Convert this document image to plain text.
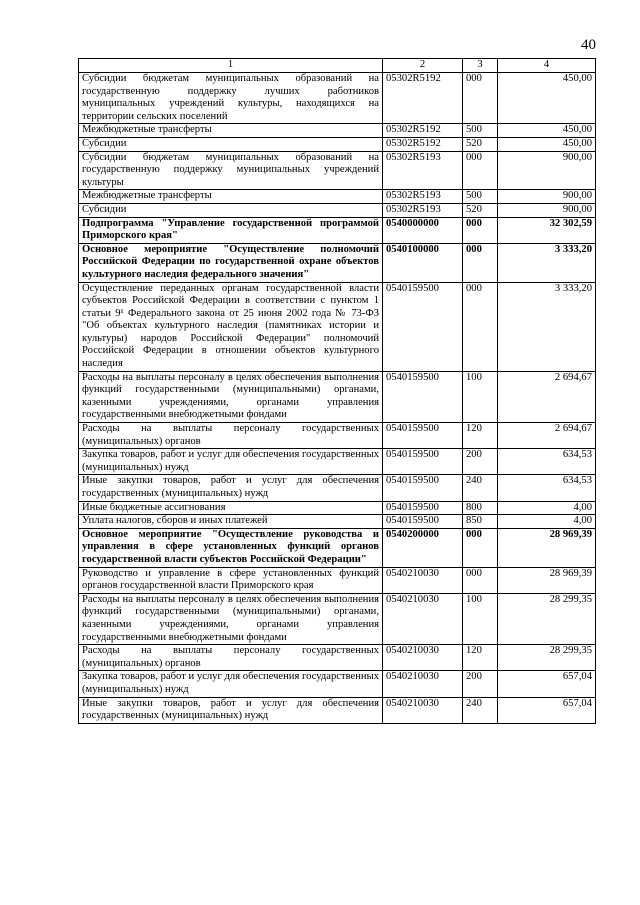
40
1	2	3	4
Субсидии бюджетам муниципальных образований на государственную поддержку лучших работников муниципальных учреждений культуры, находящихся на территории сельских поселений	05302R5192	000	450,00
Межбюджетные трансферты	05302R5192	500	450,00
Субсидии	05302R5192	520	450,00
Субсидии бюджетам муниципальных образований на государственную поддержку муниципальных учреждений культуры	05302R5193	000	900,00
Межбюджетные трансферты	05302R5193	500	900,00
Субсидии	05302R5193	520	900,00
Подпрограмма "Управление государственной программой Приморского края"	0540000000	000	32 302,59
Основное мероприятие "Осуществление полномочий Российской Федерации по государственной охране объектов культурного наследия федерального значения"	0540100000	000	3 333,20
Осуществление переданных органам государственной власти субъектов Российской Федерации в соответствии с пунктом 1 статьи 9¹ Федерального закона от 25 июня 2002 года № 73-ФЗ "Об объектах культурного наследия (памятниках истории и культуры) народов Российской Федерации" полномочий Российской Федерации в отношении объектов культурного наследия	0540159500	000	3 333,20
Расходы на выплаты персоналу в целях обеспечения выполнения функций государственными (муниципальными) органами, казенными учреждениями, органами управления государственными внебюджетными фондами	0540159500	100	2 694,67
Расходы на выплаты персоналу государственных (муниципальных) органов	0540159500	120	2 694,67
Закупка товаров, работ и услуг для обеспечения государственных (муниципальных) нужд	0540159500	200	634,53
Иные закупки товаров, работ и услуг для обеспечения государственных (муниципальных) нужд	0540159500	240	634,53
Иные бюджетные ассигнования	0540159500	800	4,00
Уплата налогов, сборов и иных платежей	0540159500	850	4,00
Основное мероприятие "Осуществление руководства и управления в сфере установленных функций органов государственной власти субъектов Российской Федерации"	0540200000	000	28 969,39
Руководство и управление в сфере установленных функций органов государственной власти Приморского края	0540210030	000	28 969,39
Расходы на выплаты персоналу в целях обеспечения выполнения функций государственными (муниципальными) органами, казенными учреждениями, органами управления государственными внебюджетными фондами	0540210030	100	28 299,35
Расходы на выплаты персоналу государственных (муниципальных) органов	0540210030	120	28 299,35
Закупка товаров, работ и услуг для обеспечения государственных (муниципальных) нужд	0540210030	200	657,04
Иные закупки товаров, работ и услуг для обеспечения государственных (муниципальных) нужд	0540210030	240	657,04
